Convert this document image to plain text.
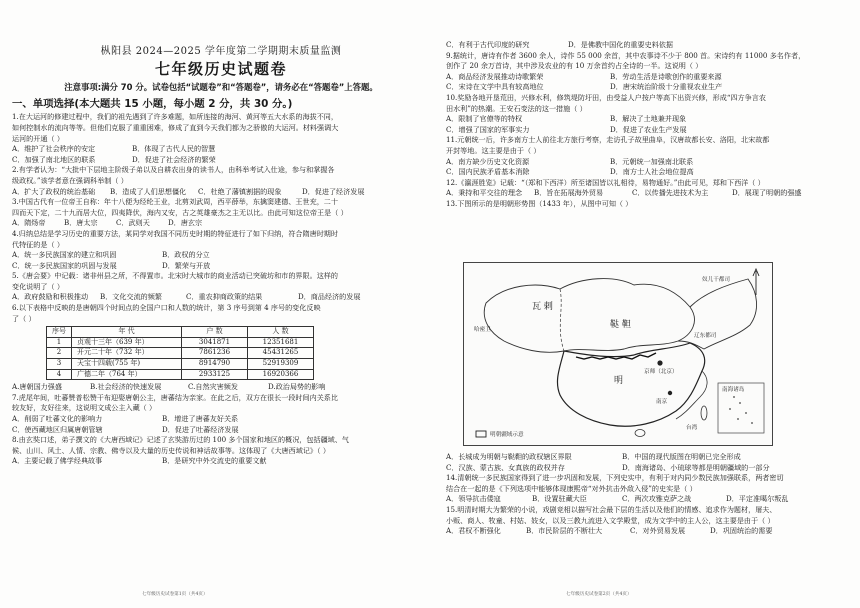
枞阳县 2024—2025 学年度第二学期期末质量监测
七年级历史试题卷
注意事项:满分 70 分。试卷包括“试题卷”和“答题卷”，请务必在“答题卷”上答题。
一、单项选择(本大题共 15 小题，每小题 2 分，共 30 分。)
1.在大运河的修建过程中，我们的祖先遇到了许多难题，如所连接的海河、黄河等五大水系的海拔不同，
如何控制水的流向等等。但他们克服了重重困难，修成了直到今天我们都为之骄傲的大运河。材料强调大
运河的开通（ ）
A．维护了社会秩序的安定	B．体现了古代人民的智慧
C．加强了南北地区的联系	D．促进了社会经济的繁荣
2.有学者认为：“大批中下层地主阶级子弟以及自耕农出身的读书人，由科举考试入仕途，参与和掌握各
级政权。”该学者意在强调科举制（ ）
A．扩大了政权的统治基础	B．造成了人们思想僵化	C．杜绝了藩镇割据的现象	D．促进了经济发展
3.中国古代有一位帝王自称：年十八便为经纶王业，北剪刘武周，西平薛举，东擒窦建德、王世充，二十
四而天下定，二十九而居大位，四夷降伏，海内又安，古之英雄豪杰之主无以比。由此可知这位帝王是（ ）
A．隋炀帝	B．唐太宗	C．武则天	D．唐玄宗
4.归纳总结是学习历史的重要方法，某同学对我国不同历史时期的特征进行了如下归纳，符合隋唐时期时
代特征的是（ ）
A．统一多民族国家的建立和巩固	B．政权的分立
C．统一多民族国家的巩固与发展	D．繁荣与开放
5.《唐会要》中记载：诸非州县之所，不得置市。北宋时大城市的商业活动已突破坊和市的界限。这样的
变化说明了（ ）
A．政府鼓励和积极推动	B．文化交流的频繁	C．重农抑商政策的结果	D．商品经济的发展
6.以下表格中反映的是唐朝四个时间点的全国户口和人数的统计，第 3 序号到第 4 序号的变化反映
了（ ）
序号	年 代	户 数	人 数
1	贞观十三年（639 年）	3041871	12351681
2	开元二十年（732 年）	7861236	45431265
3	天宝十四载(755 年)	8914790	52919309
4	广德二年（764 年）	2933125	16920366
A.唐朝国力强盛	B.社会经济的快速发展	C.自然灾害频发	D.政治局势的影响
7.虎尾年间，吐蕃赞普松赞干布迎娶唐朝公主，唐蕃结为亲家。在此之后，双方在很长一段时间内关系比
较友好，友好往来，这说明文成公主入藏（ ）
A．削弱了吐蕃文化的影响力	B．增进了唐蕃友好关系
C．使西藏地区归属唐朝管辖	D．促进了吐蕃经济发展
8.由玄奘口述，弟子撰文的《大唐西域记》记述了玄奘游历过的 100 多个国家和地区的概况，包括疆域、气
候、山川、风土、人情、宗教、佛寺以及大量的历史传说和神话故事等。这体现了《大唐西域记》（ ）
A．主要记载了佛学经典故事	B．是研究中外交流史的重要文献
七年级历史试卷第1页（共4页）
C．有利于古代印度的研究	D．是佛教中国化的重要史料依据
9.据统计，唐诗有作者 3600 余人，诗作 55 000 余首，其中农事诗不少于 800 首。宋诗约有 11000 多名作者，
创作了 20 余万首诗，其中涉及农业的有 10 万余首约占全诗的一半。这说明（ ）
A．商品经济发展推动诗歌繁荣	B．劳动生活是诗歌创作的重要来源
C．宋诗在文学中具有较高地位	D．唐宋统治阶级十分重视农业生产
10.奖励各地开垦荒田，兴修水利，修筑堤防圩田，由受益人户按户等高下出资兴修，形成“四方争言农
田水利”的热潮。王安石变法的这一措施（ ）
A．限制了官僚等的特权	B．解决了土地兼并现象
C．增强了国家的军事实力	D．促进了农业生产发展
11.元朝统一后，许多南方士人前往北方旅行考察，走访孔子故里曲阜，汉唐故都长安、洛阳，北宋故都
开封等地。这主要是由于（ ）
A．南方缺少历史文化资源	B．元朝统一加强南北联系
C．国内民族矛盾基本消除	D．南方士人社会地位提高
12.《瀛涯胜览》记载：“（郑和下西洋）所至诸国皆以礼相待，易物通好。”由此可见，郑和下西洋（ ）
A．秉持和平交往的理念	B．旨在拓展海外贸易	C．以传播先进技术为主	D．展现了明朝的强盛
13.下图所示的是明朝形势图（1433 年），从图中可知（ ）
A．长城成为明朝与鞑靼的政权辖区界限	B．中国的现代版图在明朝已完全形成
C．汉族、蒙古族、女真族的政权并存	D．南海诸岛、小琉球等都是明朝疆域的一部分
14.清朝统一多民族国家得到了进一步巩固和发展，下列史实中，有利于对内同少数民族加强联系，两者密切
结合在一起的是《下列选项中能够体现康熙帝“对外抗击外敌入侵”的史实是（ ）
A．领导抗击倭寇	B．设置驻藏大臣	C．两次攻雅克萨之战	D．平定准噶尔叛乱
15.明清时期大为繁荣的小说，戏剧竞相以描写社会最下层的生活以及他们的情感、追求作为题材，屠夫、
小贩、商人、牧童、村姑、妓女，以及三教九流进入文学殿堂，成为文学中的主人公，这主要是由于（ ）
A．君权不断强化	B．市民阶层的不断壮大	C．对外贸易发展	D．巩固统治的需要
七年级历史试卷第2页（共4页）
奴儿干都司
瓦 剌
鞑 靼
哈密卫
辽东都司
明
京师（北京）
南京
台湾
南海诸岛
明朝疆域示意
